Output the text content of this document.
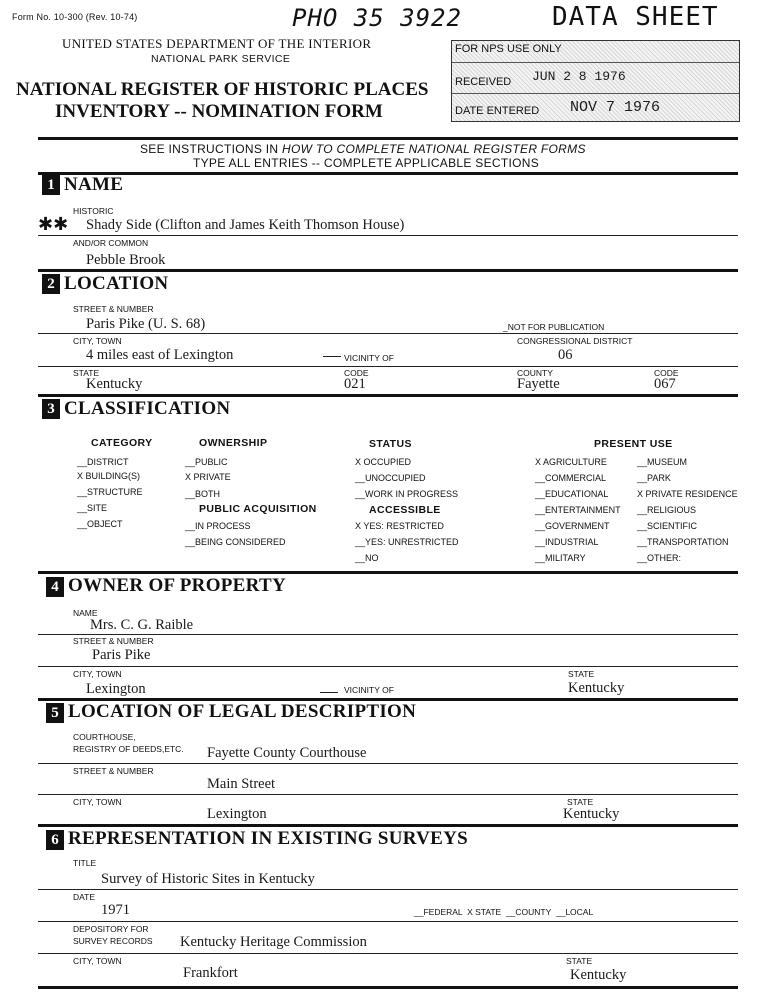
Form No. 10-300 (Rev. 10-74)	PHO 35 3922	DATA SHEET
UNITED STATES DEPARTMENT OF THE INTERIOR
NATIONAL PARK SERVICE
NATIONAL REGISTER OF HISTORIC PLACES
INVENTORY -- NOMINATION FORM
FOR NPS USE ONLY
RECEIVED JUN 2 8 1976
DATE ENTERED NOV 7 1976
SEE INSTRUCTIONS IN HOW TO COMPLETE NATIONAL REGISTER FORMS
TYPE ALL ENTRIES -- COMPLETE APPLICABLE SECTIONS
1 NAME
HISTORIC
✱✱ Shady Side (Clifton and James Keith Thomson House)
AND/OR COMMON
Pebble Brook
2 LOCATION
STREET & NUMBER
Paris Pike (U. S. 68)	_NOT FOR PUBLICATION
CITY, TOWN	CONGRESSIONAL DISTRICT
4 miles east of Lexington	VICINITY OF	06
STATE	CODE	COUNTY	CODE
Kentucky	021	Fayette	067
3 CLASSIFICATION
CATEGORY
__DISTRICT
X BUILDING(S)
__STRUCTURE
__SITE
__OBJECT
OWNERSHIP
__PUBLIC
X PRIVATE
__BOTH
PUBLIC ACQUISITION
__IN PROCESS
__BEING CONSIDERED
STATUS
X OCCUPIED
__UNOCCUPIED
__WORK IN PROGRESS
ACCESSIBLE
X YES: RESTRICTED
__YES: UNRESTRICTED
__NO
PRESENT USE
X AGRICULTURE
__COMMERCIAL
__EDUCATIONAL
__ENTERTAINMENT
__GOVERNMENT
__INDUSTRIAL
__MILITARY
__MUSEUM
__PARK
X PRIVATE RESIDENCE
__RELIGIOUS
__SCIENTIFIC
__TRANSPORTATION
__OTHER:
4 OWNER OF PROPERTY
NAME
Mrs. C. G. Raible
STREET & NUMBER
Paris Pike
CITY, TOWN	STATE
Lexington	VICINITY OF	Kentucky
5 LOCATION OF LEGAL DESCRIPTION
COURTHOUSE,
REGISTRY OF DEEDS,ETC. Fayette County Courthouse
STREET & NUMBER
Main Street
CITY, TOWN	STATE
Lexington	Kentucky
6 REPRESENTATION IN EXISTING SURVEYS
TITLE
Survey of Historic Sites in Kentucky
DATE
1971	__FEDERAL  X STATE  __COUNTY  __LOCAL
DEPOSITORY FOR
SURVEY RECORDS Kentucky Heritage Commission
CITY, TOWN	STATE
Frankfort	Kentucky
